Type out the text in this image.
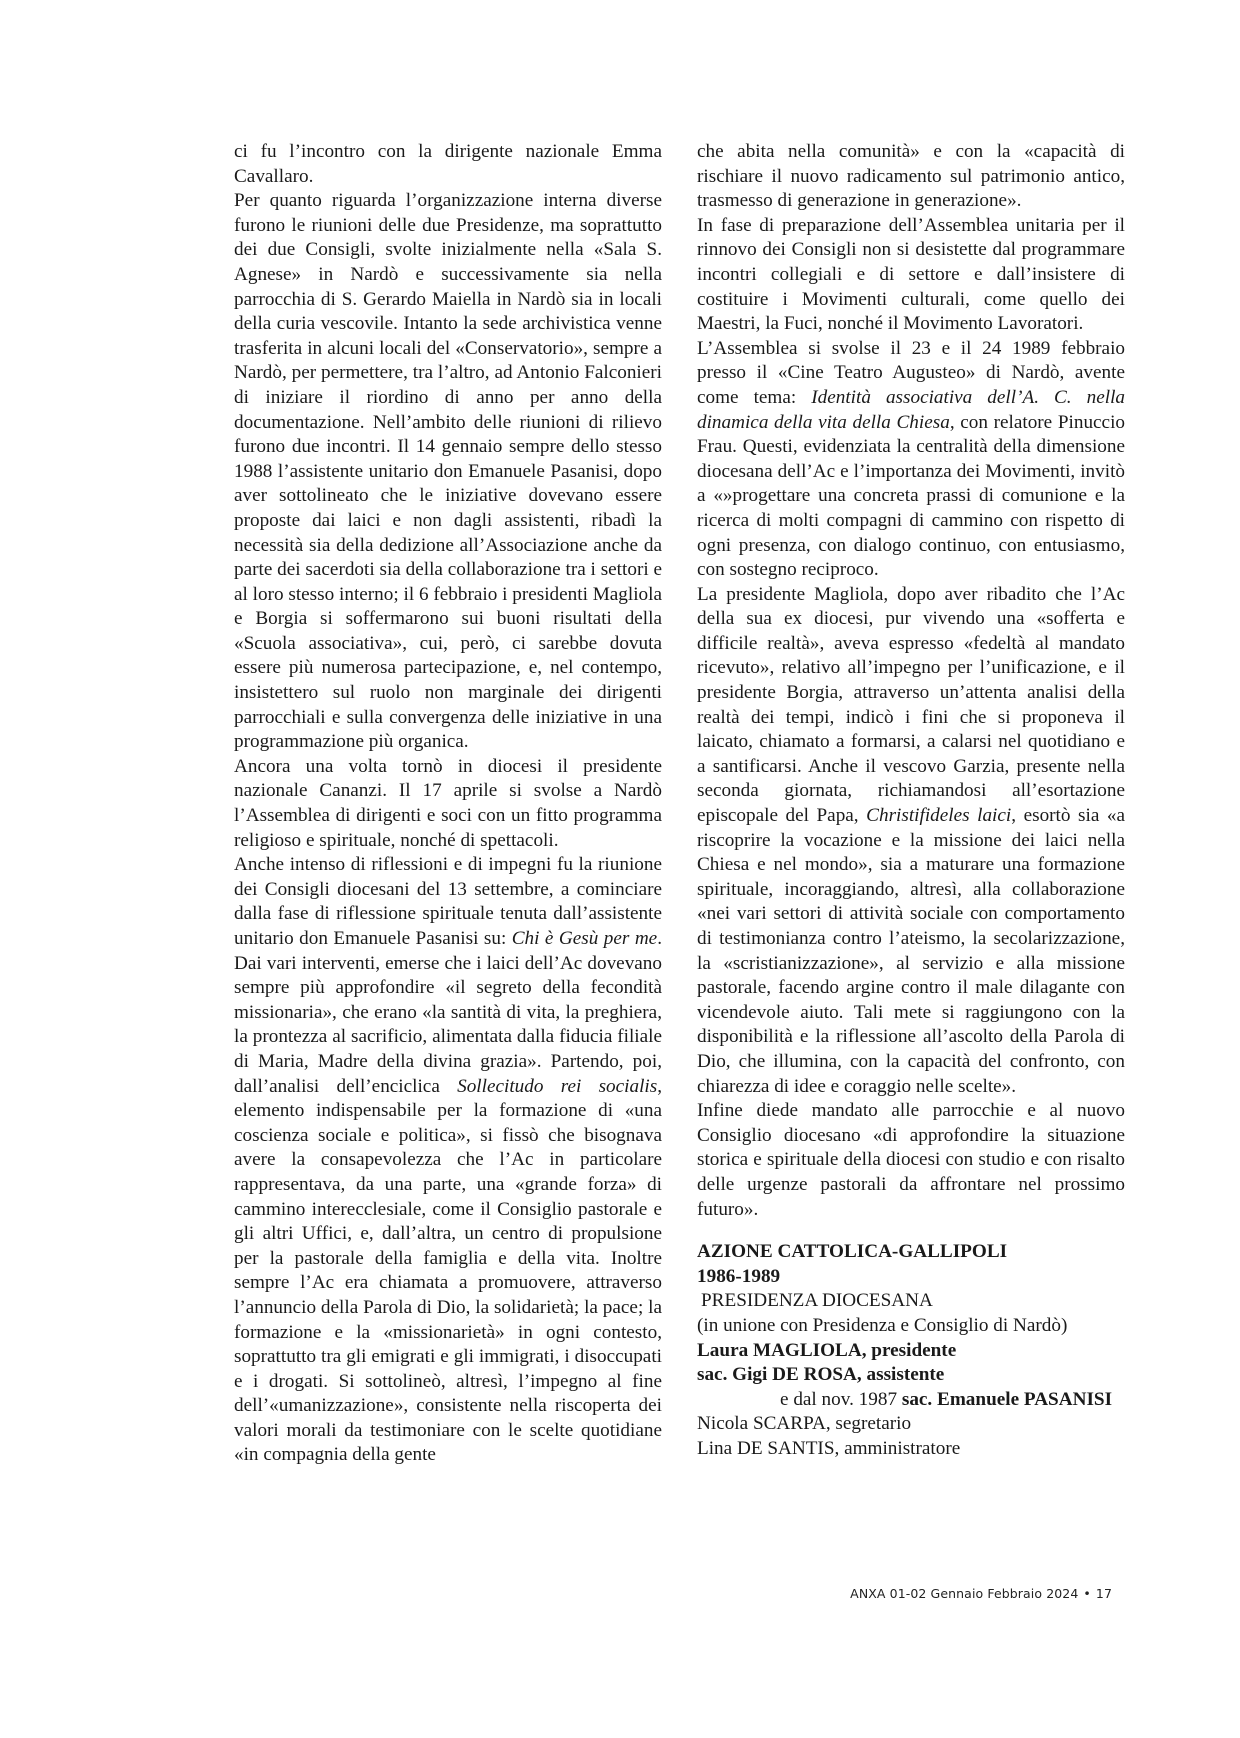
ci fu l’incontro con la dirigente nazionale Emma Cavallaro.

Per quanto riguarda l’organizzazione interna diverse furono le riunioni delle due Presidenze, ma soprattutto dei due Consigli, svolte inizialmente nella «Sala S. Agnese» in Nardò e successivamente sia nella parrocchia di S. Gerardo Maiella in Nardò sia in locali della curia vescovile. Intanto la sede archivistica venne trasferita in alcuni locali del «Conservatorio», sempre a Nardò, per permettere, tra l’altro, ad Antonio Falconieri di iniziare il riordino di anno per anno della documentazione. Nell’ambito delle riunioni di rilievo furono due incontri. Il 14 gennaio sempre dello stesso 1988 l’assistente unitario don Emanuele Pasanisi, dopo aver sottolineato che le iniziative dovevano essere proposte dai laici e non dagli assistenti, ribadì la necessità sia della dedizione all’Associazione anche da parte dei sacerdoti sia della collaborazione tra i settori e al loro stesso interno; il 6 febbraio i presidenti Magliola e Borgia si soffermarono sui buoni risultati della «Scuola associativa», cui, però, ci sarebbe dovuta essere più numerosa partecipazione, e, nel contempo, insistettero sul ruolo non marginale dei dirigenti parrocchiali e sulla convergenza delle iniziative in una programmazione più organica.

Ancora una volta tornò in diocesi il presidente nazionale Cananzi. Il 17 aprile si svolse a Nardò l’Assemblea di dirigenti e soci con un fitto programma religioso e spirituale, nonché di spettacoli.

Anche intenso di riflessioni e di impegni fu la riunione dei Consigli diocesani del 13 settembre, a cominciare dalla fase di riflessione spirituale tenuta dall’assistente unitario don Emanuele Pasanisi su: Chi è Gesù per me. Dai vari interventi, emerse che i laici dell’Ac dovevano sempre più approfondire «il segreto della fecondità missionaria», che erano «la santità di vita, la preghiera, la prontezza al sacrificio, alimentata dalla fiducia filiale di Maria, Madre della divina grazia». Partendo, poi, dall’analisi dell’enciclica Sollecitudo rei socialis, elemento indispensabile per la formazione di «una coscienza sociale e politica», si fissò che bisognava avere la consapevolezza che l’Ac in particolare rappresentava, da una parte, una «grande forza» di cammino interecclesiale, come il Consiglio pastorale e gli altri Uffici, e, dall’altra, un centro di propulsione per la pastorale della famiglia e della vita. Inoltre sempre l’Ac era chiamata a promuovere, attraverso l’annuncio della Parola di Dio, la solidarietà; la pace; la formazione e la «missionarietà» in ogni contesto, soprattutto tra gli emigrati e gli immigrati, i disoccupati e i drogati. Si sottolineò, altresì, l’impegno al fine dell’«umanizzazione», consistente nella riscoperta dei valori morali da testimoniare con le scelte quotidiane «in compagnia della gente

che abita nella comunità» e con la «capacità di rischiare il nuovo radicamento sul patrimonio antico, trasmesso di generazione in generazione».

In fase di preparazione dell’Assemblea unitaria per il rinnovo dei Consigli non si desistette dal programmare incontri collegiali e di settore e dall’insistere di costituire i Movimenti culturali, come quello dei Maestri, la Fuci, nonché il Movimento Lavoratori.

L’Assemblea si svolse il 23 e il 24 1989 febbraio presso il «Cine Teatro Augusteo» di Nardò, avente come tema: Identità associativa dell’A. C. nella dinamica della vita della Chiesa, con relatore Pinuccio Frau. Questi, evidenziata la centralità della dimensione diocesana dell’Ac e l’importanza dei Movimenti, invitò a «»progettare una concreta prassi di comunione e la ricerca di molti compagni di cammino con rispetto di ogni presenza, con dialogo continuo, con entusiasmo, con sostegno reciproco.

La presidente Magliola, dopo aver ribadito che l’Ac della sua ex diocesi, pur vivendo una «sofferta e difficile realtà», aveva espresso «fedeltà al mandato ricevuto», relativo all’impegno per l’unificazione, e il presidente Borgia, attraverso un’attenta analisi della realtà dei tempi, indicò i fini che si proponeva il laicato, chiamato a formarsi, a calarsi nel quotidiano e a santificarsi. Anche il vescovo Garzia, presente nella seconda giornata, richiamandosi all’esortazione episcopale del Papa, Christifideles laici, esortò sia «a riscoprire la vocazione e la missione dei laici nella Chiesa e nel mondo», sia a maturare una formazione spirituale, incoraggiando, altresì, alla collaborazione «nei vari settori di attività sociale con comportamento di testimonianza contro l’ateismo, la secolarizzazione, la «scristianizzazione», al servizio e alla missione pastorale, facendo argine contro il male dilagante con vicendevole aiuto. Tali mete si raggiungono con la disponibilità e la riflessione all’ascolto della Parola di Dio, che illumina, con la capacità del confronto, con chiarezza di idee e coraggio nelle scelte».

Infine diede mandato alle parrocchie e al nuovo Consiglio diocesano «di approfondire la situazione storica e spirituale della diocesi con studio e con risalto delle urgenze pastorali da affrontare nel prossimo futuro».

AZIONE CATTOLICA-GALLIPOLI
1986-1989
PRESIDENZA DIOCESANA
(in unione con Presidenza e Consiglio di Nardò)
Laura MAGLIOLA, presidente
sac. Gigi DE ROSA, assistente
e dal nov. 1987 sac. Emanuele PASANISI
Nicola SCARPA, segretario
Lina DE SANTIS, amministratore
ANXA 01-02 Gennaio Febbraio 2024 • 17
